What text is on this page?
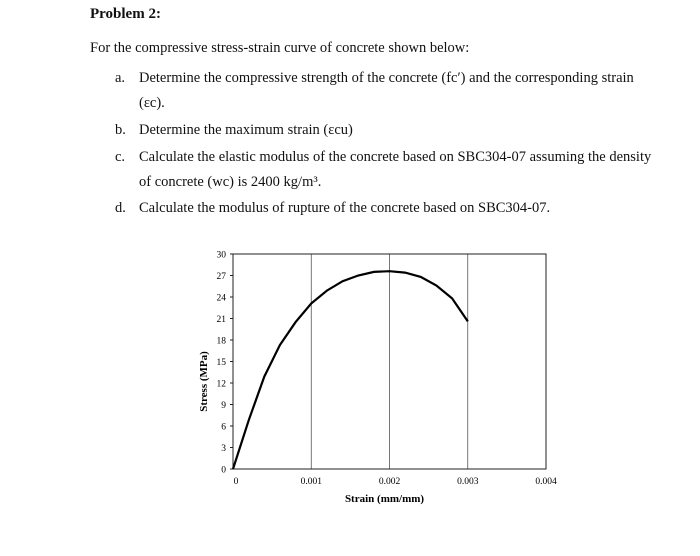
Problem 2:
For the compressive stress-strain curve of concrete shown below:
a. Determine the compressive strength of the concrete (fc′) and the corresponding strain
(εc).
b. Determine the maximum strain (εcu)
c. Calculate the elastic modulus of the concrete based on SBC304-07 assuming the density
of concrete (wc) is 2400 kg/m³.
d. Calculate the modulus of rupture of the concrete based on SBC304-07.
0	0.001	0.002	0.003	0.004
0
3
6
9
12
15
18
21
24
27
30
Strain (mm/mm)
Stress (MPa)
